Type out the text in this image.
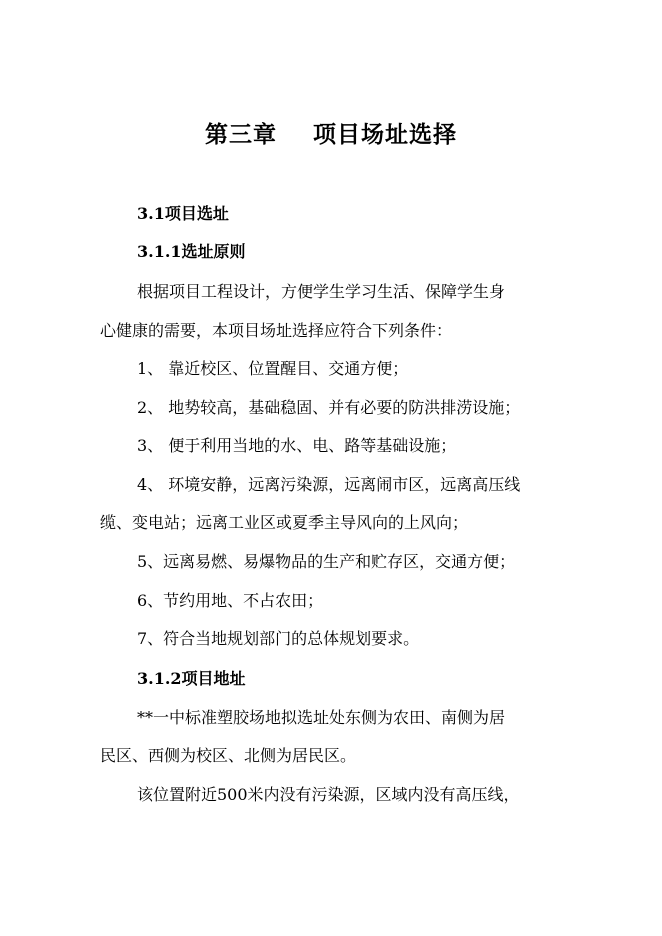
第三章    项目场址选择
3.1项目选址
3.1.1选址原则
根据项目工程设计，方便学生学习生活、保障学生身
心健康的需要，本项目场址选择应符合下列条件：
1、 靠近校区、位置醒目、交通方便；
2、 地势较高，基础稳固、并有必要的防洪排涝设施；
3、 便于利用当地的水、电、路等基础设施；
4、 环境安静，远离污染源，远离闹市区，远离高压线
缆、变电站；远离工业区或夏季主导风向的上风向；
5、远离易燃、易爆物品的生产和贮存区，交通方便；
6、节约用地、不占农田；
7、符合当地规划部门的总体规划要求。
3.1.2项目地址
**一中标准塑胶场地拟选址处东侧为农田、南侧为居
民区、西侧为校区、北侧为居民区。
该位置附近500米内没有污染源，区域内没有高压线，
